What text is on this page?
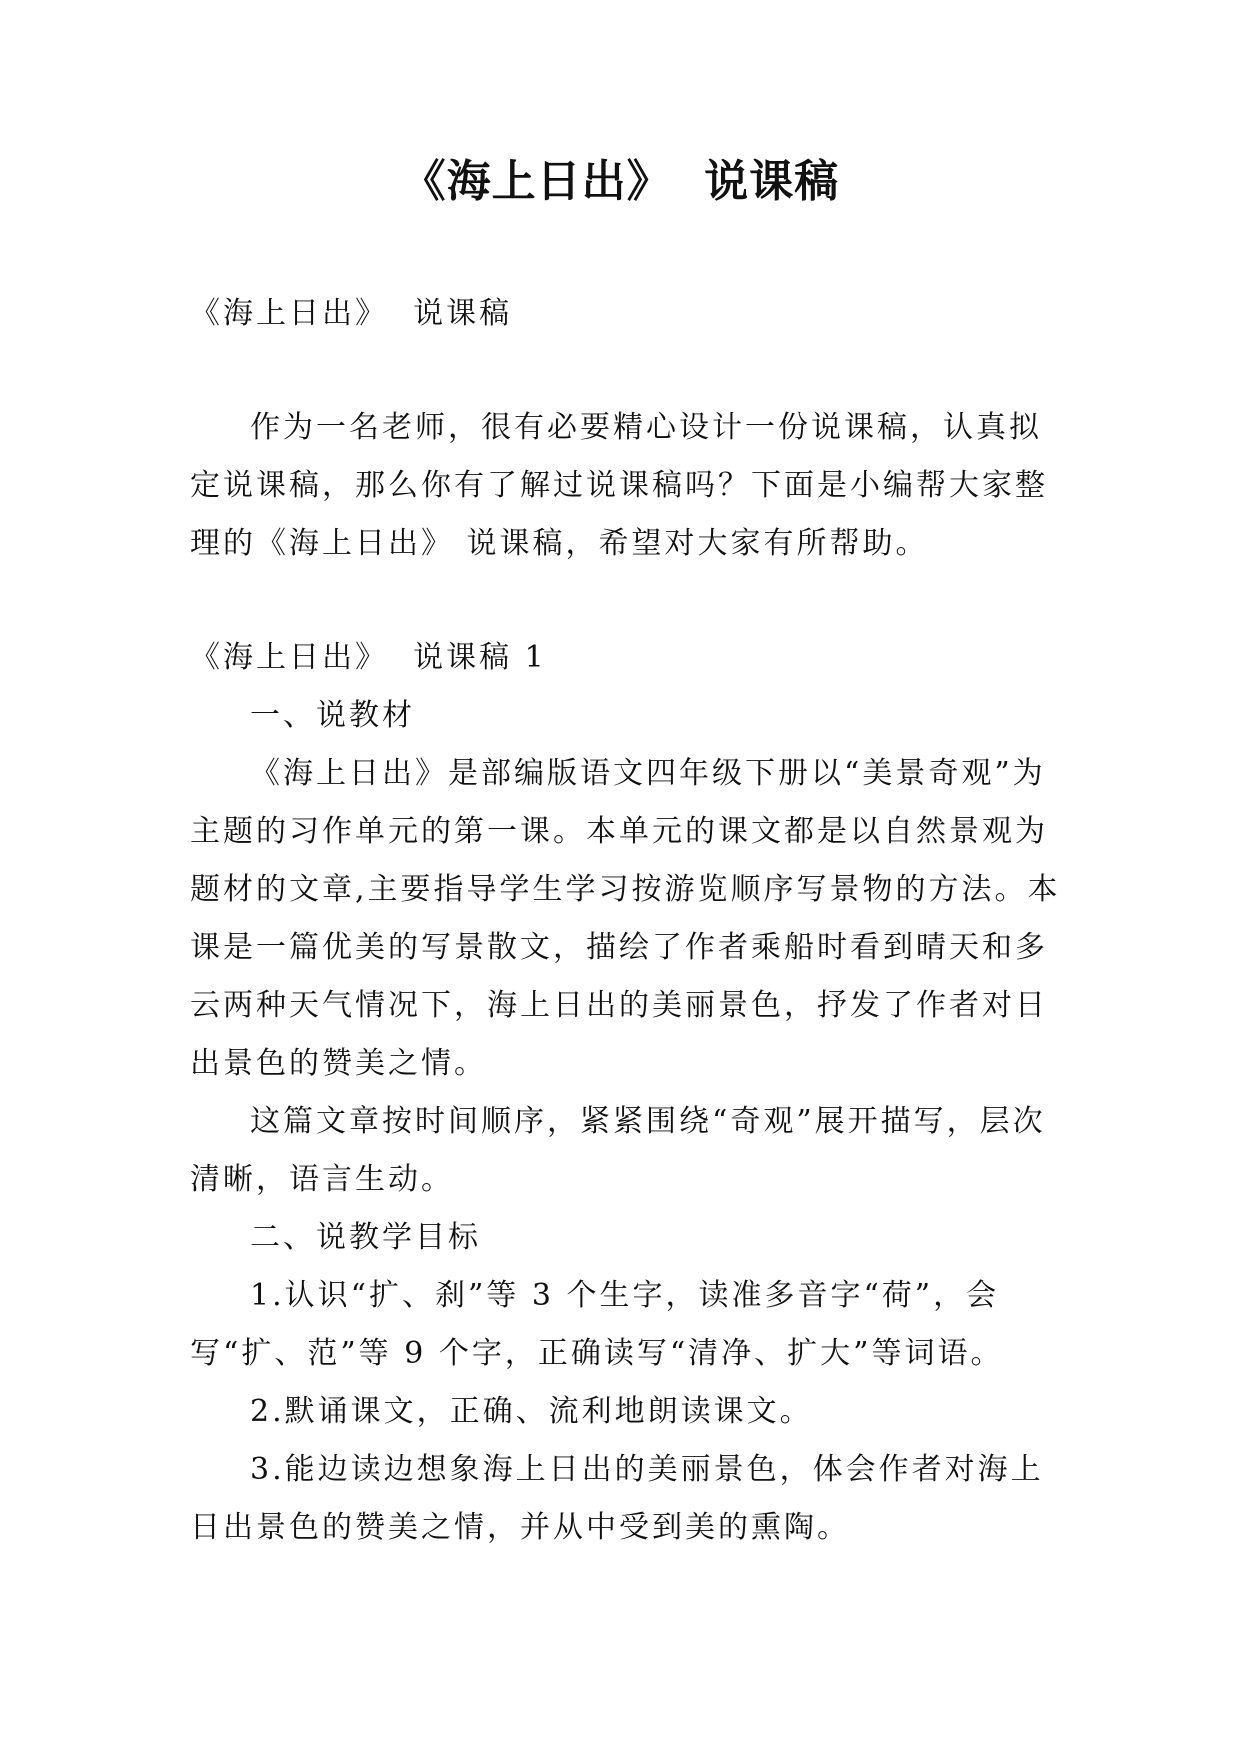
《海上日出》  说课稿

《海上日出》  说课稿

作为一名老师，很有必要精心设计一份说课稿，认真拟定说课稿，那么你有了解过说课稿吗？下面是小编帮大家整理的《海上日出》 说课稿，希望对大家有所帮助。

《海上日出》  说课稿 1

一、说教材

《海上日出》是部编版语文四年级下册以“美景奇观”为主题的习作单元的第一课。本单元的课文都是以自然景观为题材的文章,主要指导学生学习按游览顺序写景物的方法。本课是一篇优美的写景散文，描绘了作者乘船时看到晴天和多云两种天气情况下，海上日出的美丽景色，抒发了作者对日出景色的赞美之情。

这篇文章按时间顺序，紧紧围绕“奇观”展开描写，层次清晰，语言生动。

二、说教学目标

1.认识“扩、刹”等 3 个生字，读准多音字“荷”，会写“扩、范”等 9 个字，正确读写“清净、扩大”等词语。

2.默诵课文，正确、流利地朗读课文。

3.能边读边想象海上日出的美丽景色，体会作者对海上日出景色的赞美之情，并从中受到美的熏陶。
